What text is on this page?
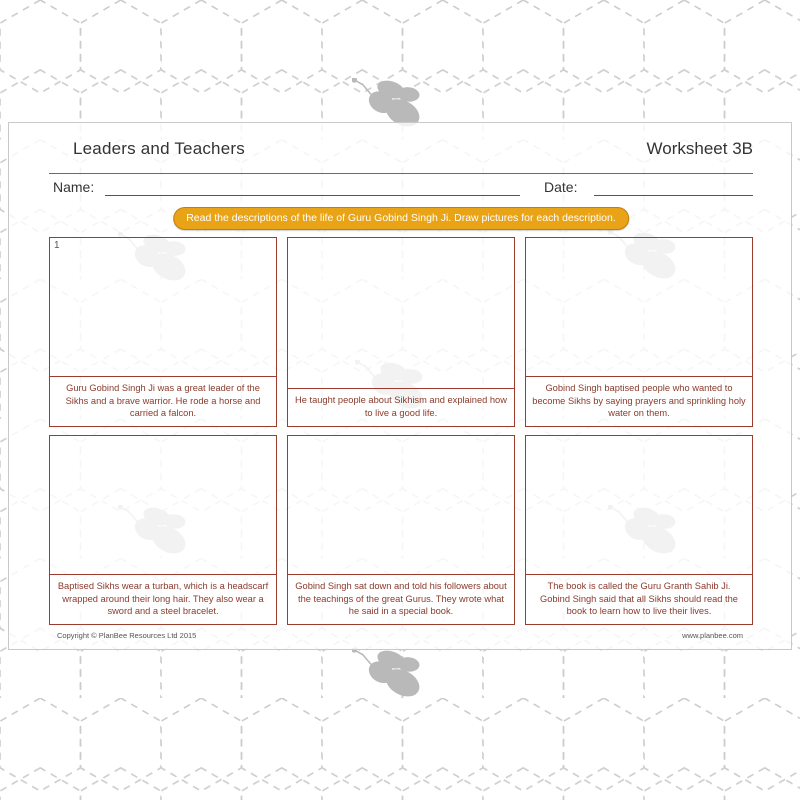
Leaders and Teachers	Worksheet 3B
Name:	Date:
Read the descriptions of the life of Guru Gobind Singh Ji. Draw pictures for each description.
1
Guru Gobind Singh Ji was a great leader of the Sikhs and a brave warrior. He rode a horse and carried a falcon.
He taught people about Sikhism and explained how to live a good life.
Gobind Singh baptised people who wanted to become Sikhs by saying prayers and sprinkling holy water on them.
Baptised Sikhs wear a turban, which is a headscarf wrapped around their long hair. They also wear a sword and a steel bracelet.
Gobind Singh sat down and told his followers about the teachings of the great Gurus. They wrote what he said in a special book.
The book is called the Guru Granth Sahib Ji. Gobind Singh said that all Sikhs should read the book to learn how to live their lives.
Copyright © PlanBee Resources Ltd 2015	www.planbee.com
